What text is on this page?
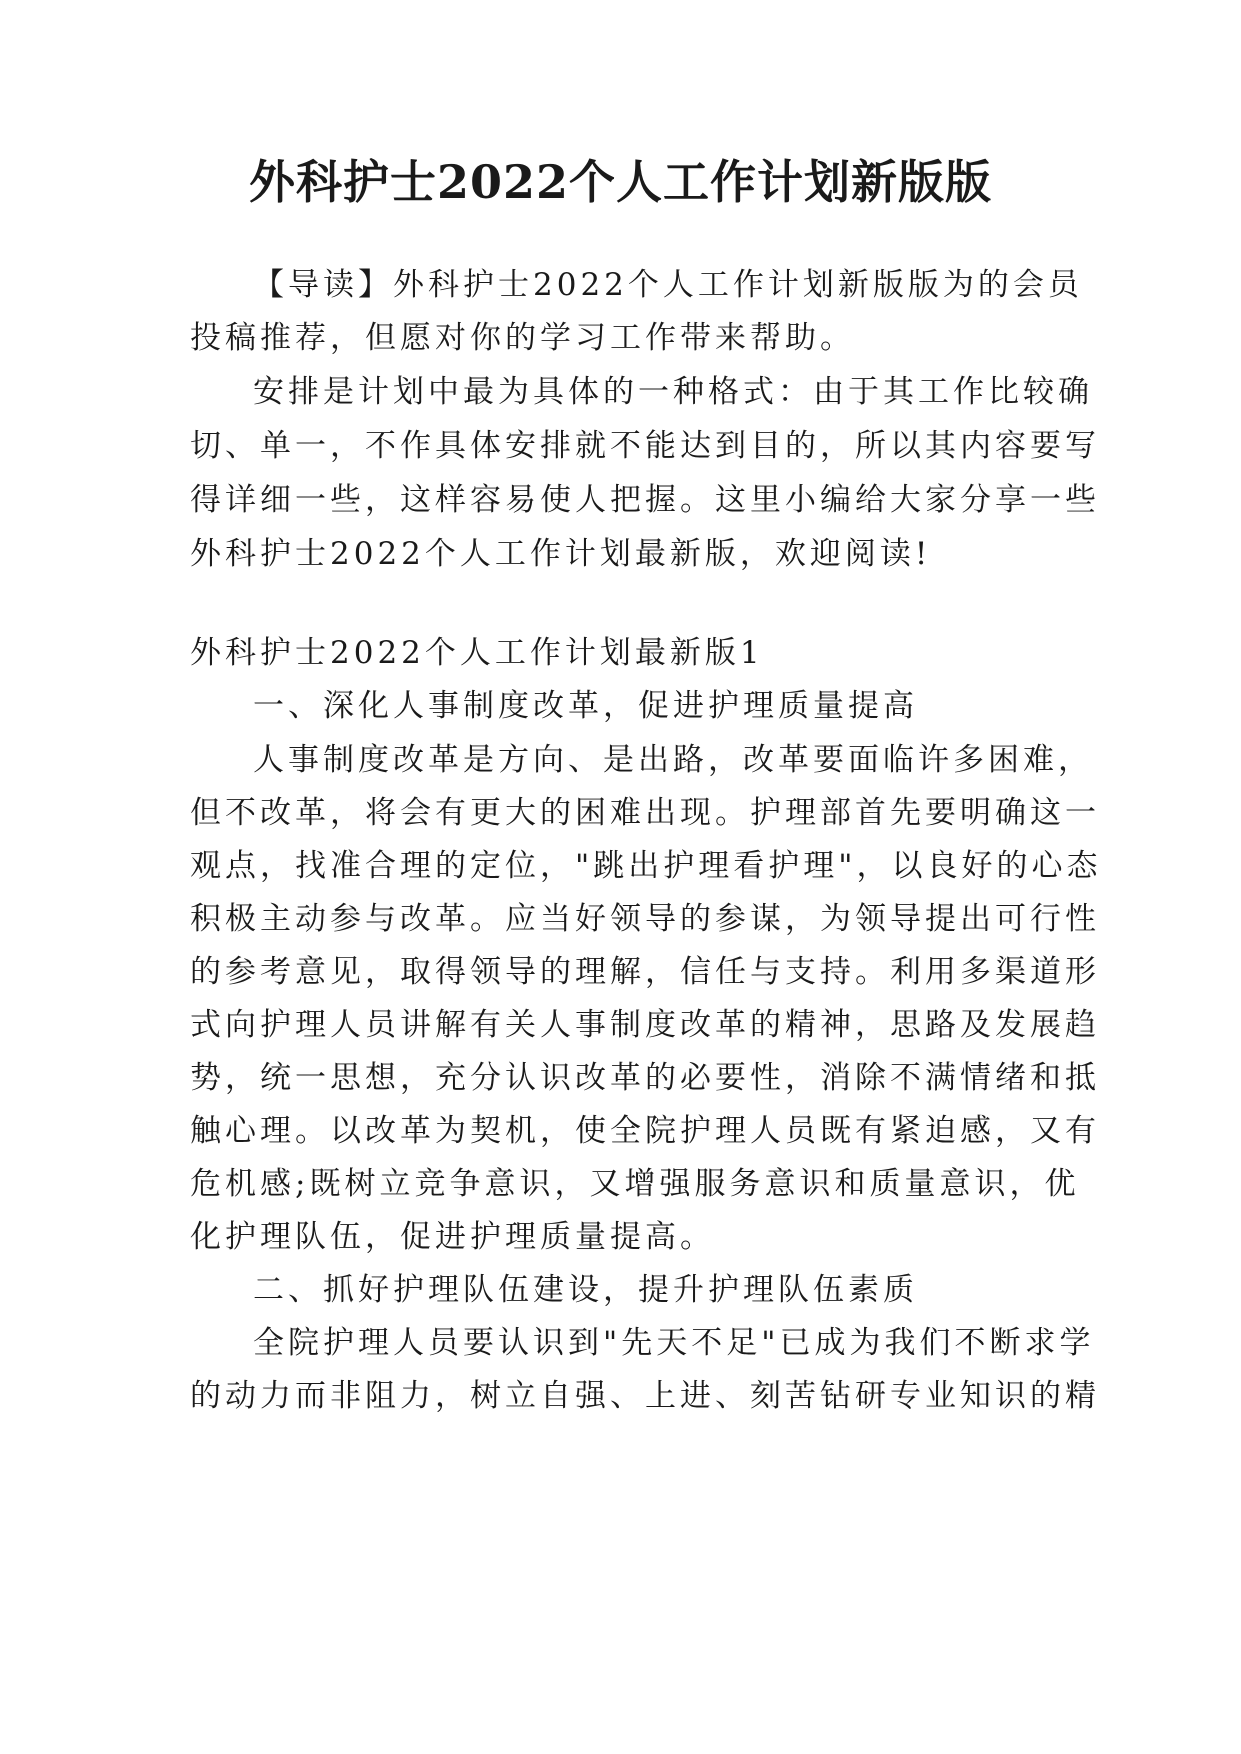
外科护士2022个人工作计划新版版

【导读】外科护士2022个人工作计划新版版为的会员

投稿推荐，但愿对你的学习工作带来帮助。

安排是计划中最为具体的一种格式：由于其工作比较确

切、单一，不作具体安排就不能达到目的，所以其内容要写

得详细一些，这样容易使人把握。这里小编给大家分享一些

外科护士2022个人工作计划最新版，欢迎阅读!

外科护士2022个人工作计划最新版1

一、深化人事制度改革，促进护理质量提高

人事制度改革是方向、是出路，改革要面临许多困难，

但不改革，将会有更大的困难出现。护理部首先要明确这一

观点，找准合理的定位，"跳出护理看护理"，以良好的心态

积极主动参与改革。应当好领导的参谋，为领导提出可行性

的参考意见，取得领导的理解，信任与支持。利用多渠道形

式向护理人员讲解有关人事制度改革的精神，思路及发展趋

势，统一思想，充分认识改革的必要性，消除不满情绪和抵

触心理。以改革为契机，使全院护理人员既有紧迫感，又有

危机感;既树立竞争意识，又增强服务意识和质量意识，优

化护理队伍，促进护理质量提高。

二、抓好护理队伍建设，提升护理队伍素质

全院护理人员要认识到"先天不足"已成为我们不断求学

的动力而非阻力，树立自强、上进、刻苦钻研专业知识的精
